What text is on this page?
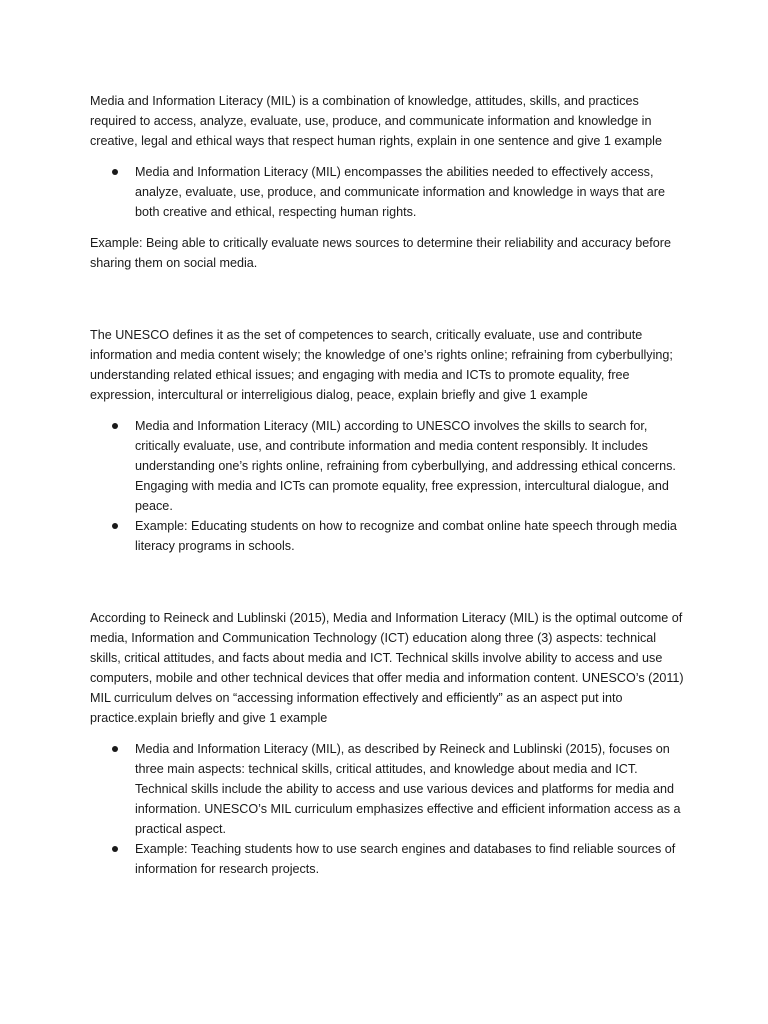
Media and Information Literacy (MIL) is a combination of knowledge, attitudes, skills, and practices required to access, analyze, evaluate, use, produce, and communicate information and knowledge in creative, legal and ethical ways that respect human rights, explain in one sentence and give 1 example

Media and Information Literacy (MIL) encompasses the abilities needed to effectively access, analyze, evaluate, use, produce, and communicate information and knowledge in ways that are both creative and ethical, respecting human rights.

Example: Being able to critically evaluate news sources to determine their reliability and accuracy before sharing them on social media.

The UNESCO defines it as the set of competences to search, critically evaluate, use and contribute information and media content wisely; the knowledge of one’s rights online; refraining from cyberbullying; understanding related ethical issues; and engaging with media and ICTs to promote equality, free expression, intercultural or interreligious dialog, peace, explain briefly and give 1 example

Media and Information Literacy (MIL) according to UNESCO involves the skills to search for, critically evaluate, use, and contribute information and media content responsibly. It includes understanding one’s rights online, refraining from cyberbullying, and addressing ethical concerns. Engaging with media and ICTs can promote equality, free expression, intercultural dialogue, and peace.
Example: Educating students on how to recognize and combat online hate speech through media literacy programs in schools.

According to Reineck and Lublinski (2015), Media and Information Literacy (MIL) is the optimal outcome of media, Information and Communication Technology (ICT) education along three (3) aspects: technical skills, critical attitudes, and facts about media and ICT. Technical skills involve ability to access and use computers, mobile and other technical devices that offer media and information content. UNESCO’s (2011) MIL curriculum delves on “accessing information effectively and efficiently” as an aspect put into practice.explain briefly and give 1 example

Media and Information Literacy (MIL), as described by Reineck and Lublinski (2015), focuses on three main aspects: technical skills, critical attitudes, and knowledge about media and ICT. Technical skills include the ability to access and use various devices and platforms for media and information. UNESCO’s MIL curriculum emphasizes effective and efficient information access as a practical aspect.
Example: Teaching students how to use search engines and databases to find reliable sources of information for research projects.
